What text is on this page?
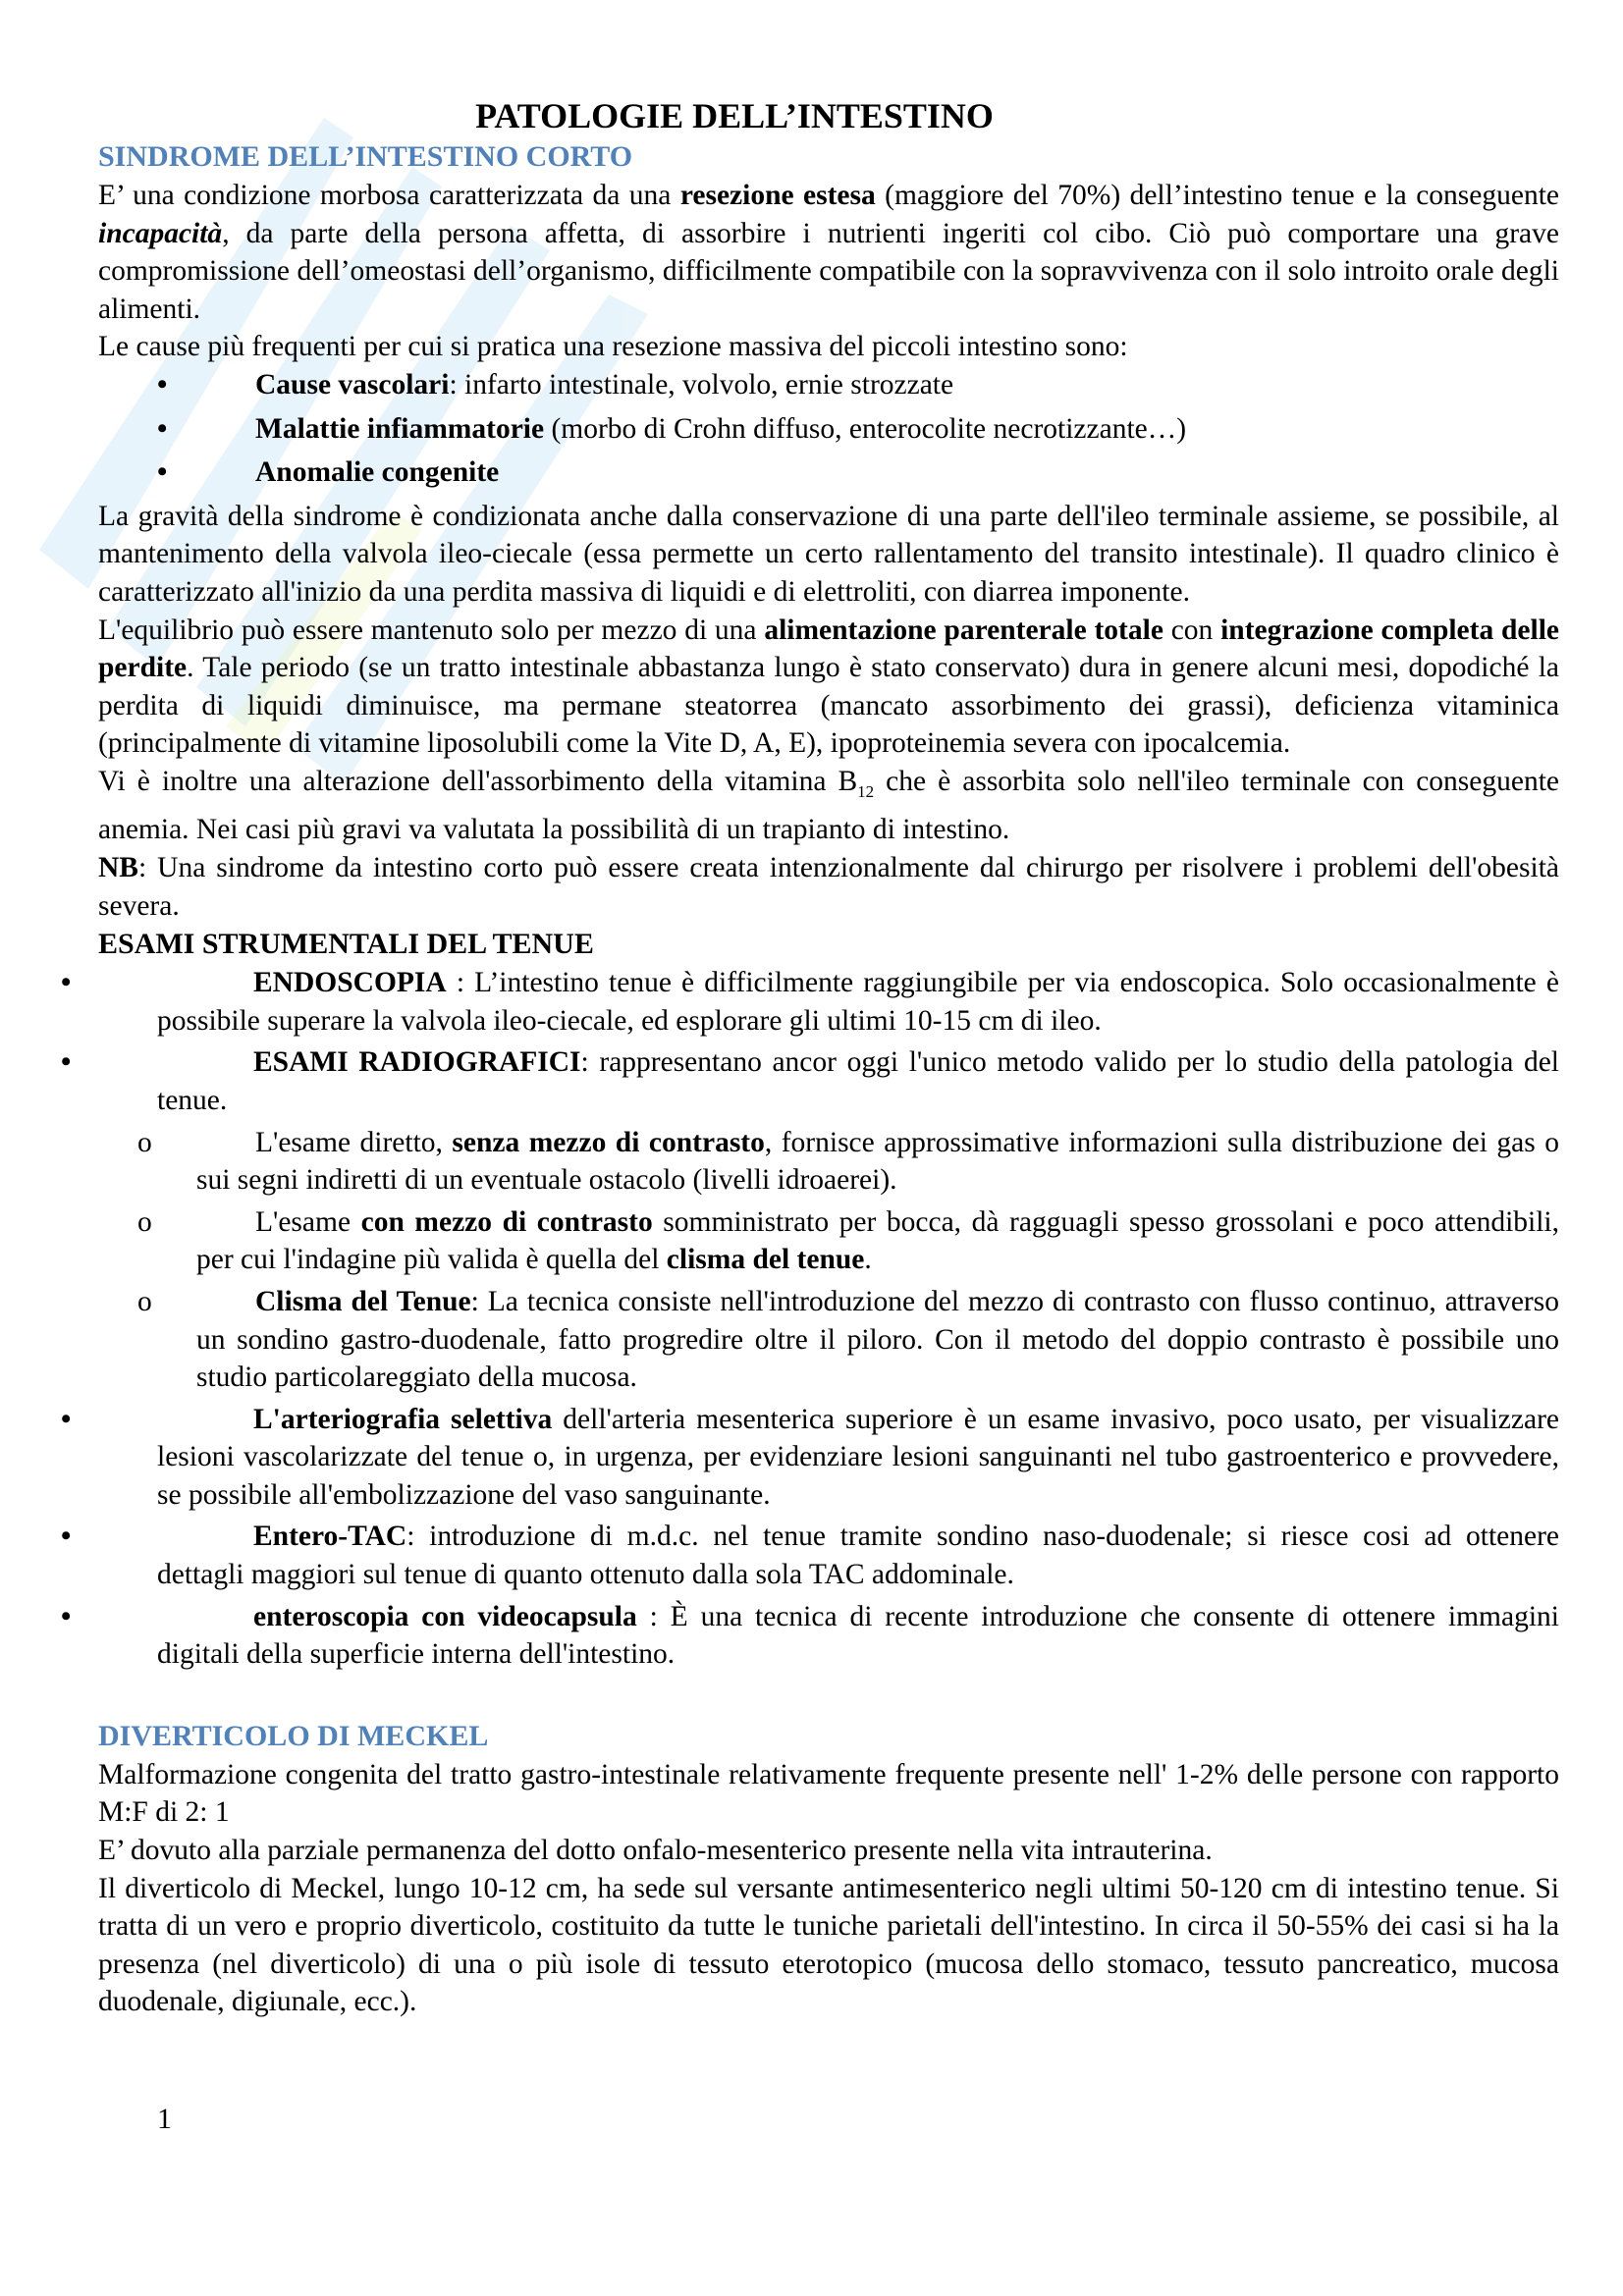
PATOLOGIE DELL’INTESTINO
SINDROME DELL’INTESTINO CORTO

E’ una condizione morbosa caratterizzata da una resezione estesa (maggiore del 70%) dell’intestino tenue e la conseguente incapacità, da parte della persona affetta, di assorbire i nutrienti ingeriti col cibo. Ciò può comportare una grave compromissione dell’omeostasi dell’organismo, difficilmente compatibile con la sopravvivenza con il solo introito orale degli alimenti.

Le cause più frequenti per cui si pratica una resezione massiva del piccoli intestino sono:

•	Cause vascolari: infarto intestinale, volvolo, ernie strozzate
•	Malattie infiammatorie (morbo di Crohn diffuso, enterocolite necrotizzante…)
•	Anomalie congenite

La gravità della sindrome è condizionata anche dalla conservazione di una parte dell'ileo terminale assieme, se possibile, al mantenimento della valvola ileo-ciecale (essa permette un certo rallentamento del transito intestinale). Il quadro clinico è caratterizzato all'inizio da una perdita massiva di liquidi e di elettroliti, con diarrea imponente.

L'equilibrio può essere mantenuto solo per mezzo di una alimentazione parenterale totale con integrazione completa delle perdite. Tale periodo (se un tratto intestinale abbastanza lungo è stato conservato) dura in genere alcuni mesi, dopodiché la perdita di liquidi diminuisce, ma permane steatorrea (mancato assorbimento dei grassi), deficienza vitaminica (principalmente di vitamine liposolubili come la Vite D, A, E), ipoproteinemia severa con ipocalcemia.

Vi è inoltre una alterazione dell'assorbimento della vitamina $B_{12}$ che è assorbita solo nell'ileo terminale con conseguente anemia. Nei casi più gravi va valutata la possibilità di un trapianto di intestino.

NB: Una sindrome da intestino corto può essere creata intenzionalmente dal chirurgo per risolvere i problemi dell'obesità severa.

ESAMI STRUMENTALI DEL TENUE
•	ENDOSCOPIA : L’intestino tenue è difficilmente raggiungibile per via endoscopica. Solo occasionalmente è possibile superare la valvola ileo-ciecale, ed esplorare gli ultimi 10-15 cm di ileo.
•	ESAMI RADIOGRAFICI: rappresentano ancor oggi l'unico metodo valido per lo studio della patologia del tenue.
o	L'esame diretto, senza mezzo di contrasto, fornisce approssimative informazioni sulla distribuzione dei gas o sui segni indiretti di un eventuale ostacolo (livelli idroaerei).
o	L'esame con mezzo di contrasto somministrato per bocca, dà ragguagli spesso grossolani e poco attendibili, per cui l'indagine più valida è quella del clisma del tenue.
o	Clisma del Tenue: La tecnica consiste nell'introduzione del mezzo di contrasto con flusso continuo, attraverso un sondino gastro-duodenale, fatto progredire oltre il piloro. Con il metodo del doppio contrasto è possibile uno studio particolareggiato della mucosa.
•	L'arteriografia selettiva dell'arteria mesenterica superiore è un esame invasivo, poco usato, per visualizzare lesioni vascolarizzate del tenue o, in urgenza, per evidenziare lesioni sanguinanti nel tubo gastroenterico e provvedere, se possibile all'embolizzazione del vaso sanguinante.
•	Entero-TAC: introduzione di m.d.c. nel tenue tramite sondino naso-duodenale; si riesce cosi ad ottenere dettagli maggiori sul tenue di quanto ottenuto dalla sola TAC addominale.
•	enteroscopia con videocapsula : È una tecnica di recente introduzione che consente di ottenere immagini digitali della superficie interna dell'intestino.
DIVERTICOLO DI MECKEL

Malformazione congenita del tratto gastro-intestinale relativamente frequente presente nell' 1-2% delle persone con rapporto M:F di 2: 1

E’ dovuto alla parziale permanenza del dotto onfalo-mesenterico presente nella vita intrauterina.

Il diverticolo di Meckel, lungo 10-12 cm, ha sede sul versante antimesenterico negli ultimi 50-120 cm di intestino tenue. Si tratta di un vero e proprio diverticolo, costituito da tutte le tuniche parietali dell'intestino. In circa il 50-55% dei casi si ha la presenza (nel diverticolo) di una o più isole di tessuto eterotopico (mucosa dello stomaco, tessuto pancreatico, mucosa duodenale, digiunale, ecc.).

1
